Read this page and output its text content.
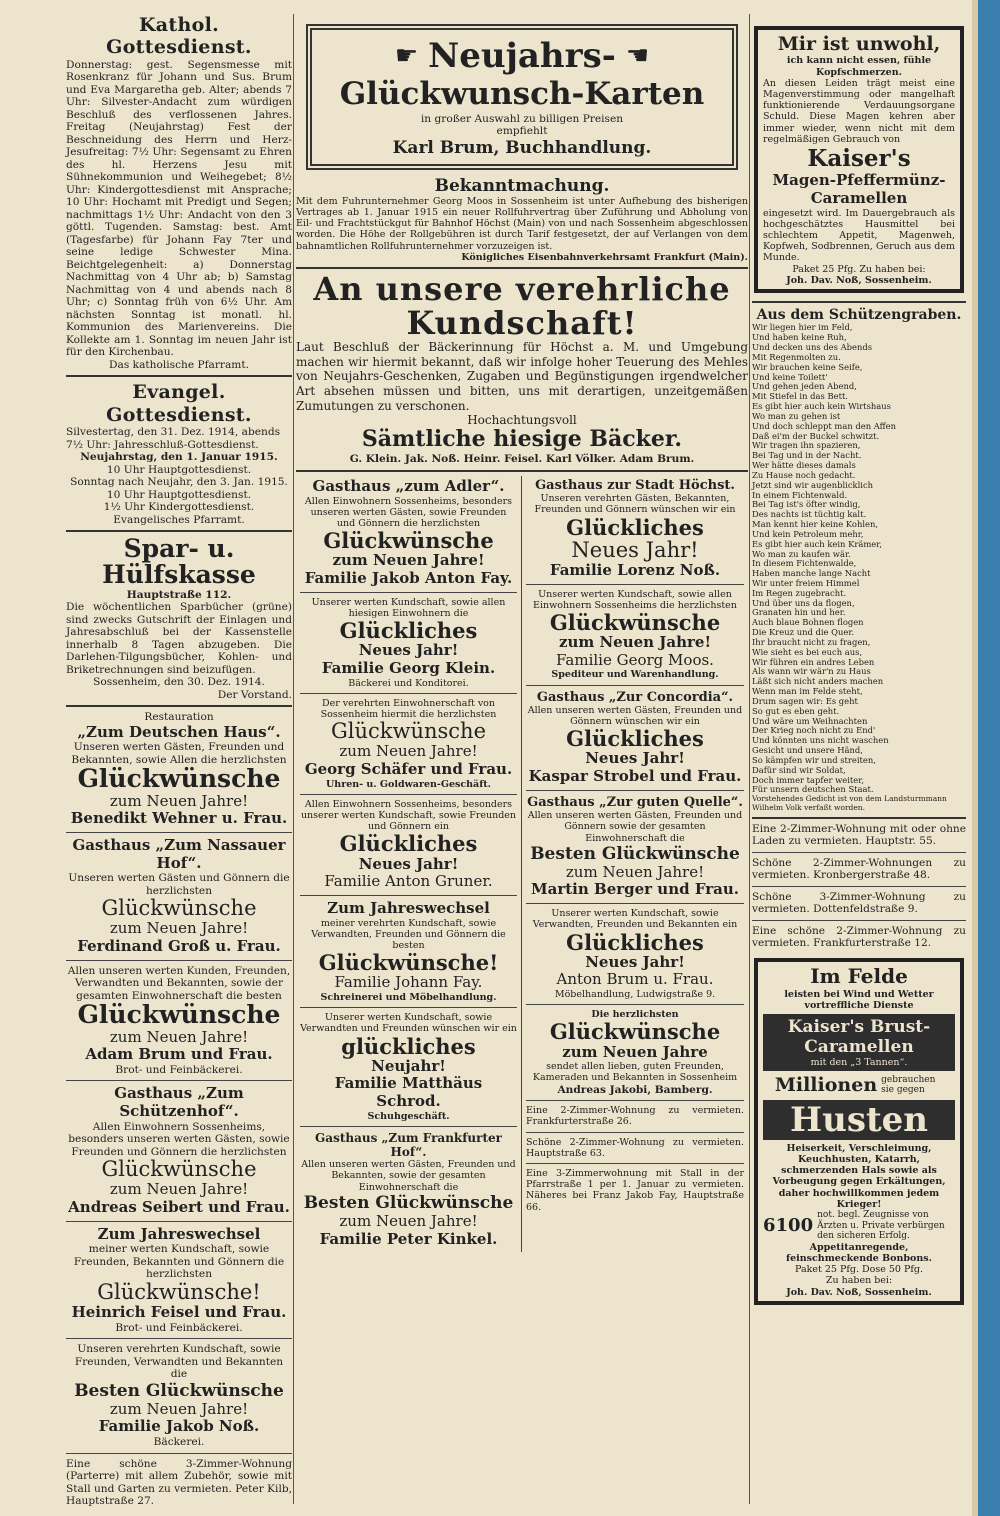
Kathol. Gottesdienst.

Donnerstag: gest. Segensmesse mit Rosenkranz für Johann und Sus. Brum und Eva Margaretha geb. Alter; abends 7 Uhr: Silvester-Andacht zum würdigen Beschluß des verflossenen Jahres. Freitag (Neujahrstag) Fest der Beschneidung des Herrn und Herz-Jesufreitag: 7½ Uhr: Segensamt zu Ehren des hl. Herzens Jesu mit Sühnekommunion und Weihegebet; 8½ Uhr: Kindergottesdienst mit Ansprache; 10 Uhr: Hochamt mit Predigt und Segen; nachmittags 1½ Uhr: Andacht von den 3 göttl. Tugenden. Samstag: best. Amt (Tagesfarbe) für Johann Fay 7ter und seine ledige Schwester Mina. Beichtgelegenheit: a) Donnerstag Nachmittag von 4 Uhr ab; b) Samstag Nachmittag von 4 und abends nach 8 Uhr; c) Sonntag früh von 6½ Uhr. Am nächsten Sonntag ist monatl. hl. Kommunion des Marienvereins. Die Kollekte am 1. Sonntag im neuen Jahr ist für den Kirchenbau.

Das katholische Pfarramt.

Evangel. Gottesdienst.

Silvestertag, den 31. Dez. 1914, abends 7½ Uhr: Jahresschluß-Gottesdienst.

Neujahrstag, den 1. Januar 1915.

10 Uhr Hauptgottesdienst.

Sonntag nach Neujahr, den 3. Jan. 1915.

10 Uhr Hauptgottesdienst.

1½ Uhr Kindergottesdienst.

Evangelisches Pfarramt.

Spar- u. Hülfskasse

Hauptstraße 112.

Die wöchentlichen Sparbücher (grüne) sind zwecks Gutschrift der Einlagen und Jahresabschluß bei der Kassenstelle innerhalb 8 Tagen abzugeben. Die Darlehen-Tilgungsbücher, Kohlen- und Briketrechnungen sind beizufügen.

Sossenheim, den 30. Dez. 1914.

Der Vorstand.

Restauration

„Zum Deutschen Haus“.

Unseren werten Gästen, Freunden und Bekannten, sowie Allen die herzlichsten

Glückwünsche

zum Neuen Jahre!

Benedikt Wehner u. Frau.

Gasthaus „Zum Nassauer Hof“.

Unseren werten Gästen und Gönnern die herzlichsten

Glückwünsche

zum Neuen Jahre!

Ferdinand Groß u. Frau.

Allen unseren werten Kunden, Freunden, Verwandten und Bekannten, sowie der gesamten Einwohnerschaft die besten

Glückwünsche

zum Neuen Jahre!

Adam Brum und Frau.

Brot- und Feinbäckerei.

Gasthaus „Zum Schützenhof“.

Allen Einwohnern Sossenheims, besonders unseren werten Gästen, sowie Freunden und Gönnern die herzlichsten

Glückwünsche

zum Neuen Jahre!

Andreas Seibert und Frau.

Zum Jahreswechsel

meiner werten Kundschaft, sowie Freunden, Bekannten und Gönnern die herzlichsten

Glückwünsche!

Heinrich Feisel und Frau.

Brot- und Feinbäckerei.

Unseren verehrten Kundschaft, sowie Freunden, Verwandten und Bekannten die

Besten Glückwünsche

zum Neuen Jahre!

Familie Jakob Noß.

Bäckerei.

Eine schöne 3-Zimmer-Wohnung (Parterre) mit allem Zubehör, sowie mit Stall und Garten zu vermieten. Peter Kilb, Hauptstraße 27.

☛ Neujahrs- ☚

Glückwunsch-Karten

in großer Auswahl zu billigen Preisen

empfiehlt

Karl Brum, Buchhandlung.

Bekanntmachung.

Mit dem Fuhrunternehmer Georg Moos in Sossenheim ist unter Aufhebung des bisherigen Vertrages ab 1. Januar 1915 ein neuer Rollfuhrvertrag über Zuführung und Abholung von Eil- und Frachtstückgut für Bahnhof Höchst (Main) von und nach Sossenheim abgeschlossen worden. Die Höhe der Rollgebühren ist durch Tarif festgesetzt, der auf Verlangen von dem bahnamtlichen Rollfuhrunternehmer vorzuzeigen ist.

Königliches Eisenbahnverkehrsamt Frankfurt (Main).

An unsere verehrliche Kundschaft!

Laut Beschluß der Bäckerinnung für Höchst a. M. und Umgebung machen wir hiermit bekannt, daß wir infolge hoher Teuerung des Mehles von Neujahrs-Geschenken, Zugaben und Begünstigungen irgendwelcher Art absehen müssen und bitten, uns mit derartigen, unzeitgemäßen Zumutungen zu verschonen.

Hochachtungsvoll

Sämtliche hiesige Bäcker.

G. Klein. Jak. Noß. Heinr. Feisel. Karl Völker. Adam Brum.

Gasthaus „zum Adler“.

Allen Einwohnern Sossenheims, besonders unseren werten Gästen, sowie Freunden und Gönnern die herzlichsten

Glückwünsche

zum Neuen Jahre!

Familie Jakob Anton Fay.

Unserer werten Kundschaft, sowie allen hiesigen Einwohnern die

Glückliches

Neues Jahr!

Familie Georg Klein.

Bäckerei und Konditorei.

Der verehrten Einwohnerschaft von Sossenheim hiermit die herzlichsten

Glückwünsche

zum Neuen Jahre!

Georg Schäfer und Frau.

Uhren- u. Goldwaren-Geschäft.

Allen Einwohnern Sossenheims, besonders unserer werten Kundschaft, sowie Freunden und Gönnern ein

Glückliches

Neues Jahr!

Familie Anton Gruner.

Zum Jahreswechsel

meiner verehrten Kundschaft, sowie Verwandten, Freunden und Gönnern die besten

Glückwünsche!

Familie Johann Fay.

Schreinerei und Möbelhandlung.

Unserer werten Kundschaft, sowie Verwandten und Freunden wünschen wir ein

glückliches

Neujahr!

Familie Matthäus Schrod.

Schuhgeschäft.

Gasthaus „Zum Frankfurter Hof“.

Allen unseren werten Gästen, Freunden und Bekannten, sowie der gesamten Einwohnerschaft die

Besten Glückwünsche

zum Neuen Jahre!

Familie Peter Kinkel.

Gasthaus zur Stadt Höchst.

Unseren verehrten Gästen, Bekannten, Freunden und Gönnern wünschen wir ein

Glückliches

Neues Jahr!

Familie Lorenz Noß.

Unserer werten Kundschaft, sowie allen Einwohnern Sossenheims die herzlichsten

Glückwünsche

zum Neuen Jahre!

Familie Georg Moos.

Spediteur und Warenhandlung.

Gasthaus „Zur Concordia“.

Allen unseren werten Gästen, Freunden und Gönnern wünschen wir ein

Glückliches

Neues Jahr!

Kaspar Strobel und Frau.

Gasthaus „Zur guten Quelle“.

Allen unseren werten Gästen, Freunden und Gönnern sowie der gesamten Einwohnerschaft die

Besten Glückwünsche

zum Neuen Jahre!

Martin Berger und Frau.

Unserer werten Kundschaft, sowie Verwandten, Freunden und Bekannten ein

Glückliches

Neues Jahr!

Anton Brum u. Frau.

Möbelhandlung, Ludwigstraße 9.

Die herzlichsten

Glückwünsche

zum Neuen Jahre

sendet allen lieben, guten Freunden, Kameraden und Bekannten in Sossenheim

Andreas Jakobi, Bamberg.

Eine 2-Zimmer-Wohnung zu vermieten. Frankfurterstraße 26.

Schöne 2-Zimmer-Wohnung zu vermieten. Hauptstraße 63.

Eine 3-Zimmerwohnung mit Stall in der Pfarrstraße 1 per 1. Januar zu vermieten. Näheres bei Franz Jakob Fay, Hauptstraße 66.

Mir ist unwohl,

ich kann nicht essen, fühle Kopfschmerzen.

An diesen Leiden trägt meist eine Magenverstimmung oder mangelhaft funktionierende Verdauungsorgane Schuld. Diese Magen kehren aber immer wieder, wenn nicht mit dem regelmäßigen Gebrauch von

Kaiser's

Magen-Pfeffermünz-Caramellen

eingesetzt wird. Im Dauergebrauch als hochgeschätztes Hausmittel bei schlechtem Appetit, Magenweh, Kopfweh, Sodbrennen, Geruch aus dem Munde.

Paket 25 Pfg. Zu haben bei:

Joh. Dav. Noß, Sossenheim.

Aus dem Schützengraben.

Wir liegen hier im Feld,
Und haben keine Ruh,
Und decken uns des Abends
Mit Regenmolten zu.
Wir brauchen keine Seife,
Und keine Toilett'
Und gehen jeden Abend,
Mit Stiefel in das Bett.
Es gibt hier auch kein Wirtshaus
Wo man zu gehen ist
Und doch schleppt man den Affen
Daß ei'm der Buckel schwitzt.
Wir tragen ihn spazieren,
Bei Tag und in der Nacht.
Wer hätte dieses damals
Zu Hause noch gedacht.
Jetzt sind wir augenblicklich
In einem Fichtenwald.
Bei Tag ist's öfter windig,
Des nachts ist tüchtig kalt.
Man kennt hier keine Kohlen,
Und kein Petroleum mehr,
Es gibt hier auch kein Krämer,
Wo man zu kaufen wär.
In diesem Fichtenwalde,
Haben manche lange Nacht
Wir unter freiem Himmel
Im Regen zugebracht.
Und über uns da flogen,
Granaten hin und her.
Auch blaue Bohnen flogen
Die Kreuz und die Quer.
Ihr braucht nicht zu fragen,
Wie sieht es bei euch aus,
Wir führen ein andres Leben
Als wann wir wär'n zu Haus
Läßt sich nicht anders machen
Wenn man im Felde steht,
Drum sagen wir: Es geht
So gut es eben geht.
Und wäre um Weihnachten
Der Krieg noch nicht zu End'
Und könnten uns nicht waschen
Gesicht und unsere Händ,
So kämpfen wir und streiten,
Dafür sind wir Soldat,
Doch immer tapfer weiter,
Für unsern deutschen Staat.

Vorstehendes Gedicht ist von dem Landsturmmann Wilhelm Volk verfaßt worden.

Eine 2-Zimmer-Wohnung mit oder ohne Laden zu vermieten. Hauptstr. 55.

Schöne 2-Zimmer-Wohnungen zu vermieten. Kronbergerstraße 48.

Schöne 3-Zimmer-Wohnung zu vermieten. Dottenfeldstraße 9.

Eine schöne 2-Zimmer-Wohnung zu vermieten. Frankfurterstraße 12.

Im Felde

leisten bei Wind und Wetter vortreffliche Dienste

Kaiser's Brust-Caramellen

mit den „3 Tannen“.

Millionen gebrauchen sie gegen

Husten

Heiserkeit, Verschleimung, Keuchhusten, Katarrh, schmerzenden Hals sowie als Vorbeugung gegen Erkältungen, daher hochwillkommen jedem Krieger!

6100
not. begl. Zeugnisse von Ärzten u. Private verbürgen den sicheren Erfolg.

Appetitanregende, feinschmeckende Bonbons.

Paket 25 Pfg. Dose 50 Pfg.

Zu haben bei:

Joh. Dav. Noß, Sossenheim.
